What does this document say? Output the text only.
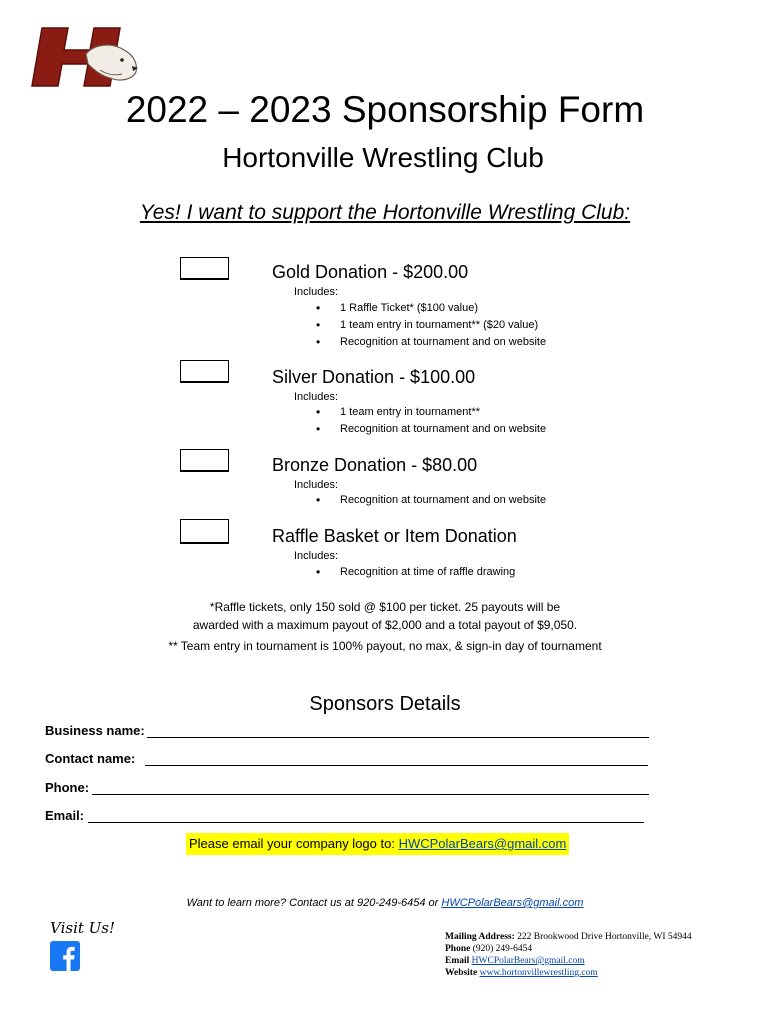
2022 – 2023 Sponsorship Form
Hortonville Wrestling Club
Yes! I want to support the Hortonville Wrestling Club:
Gold Donation - $200.00
Includes:
• 1 Raffle Ticket* ($100 value)
• 1 team entry in tournament** ($20 value)
• Recognition at tournament and on website
Silver Donation - $100.00
Includes:
• 1 team entry in tournament**
• Recognition at tournament and on website
Bronze Donation - $80.00
Includes:
• Recognition at tournament and on website
Raffle Basket or Item Donation
Includes:
• Recognition at time of raffle drawing
*Raffle tickets, only 150 sold @ $100 per ticket. 25 payouts will be
awarded with a maximum payout of $2,000 and a total payout of $9,050.
** Team entry in tournament is 100% payout, no max, & sign-in day of tournament
Sponsors Details
Business name:
Contact name:
Phone:
Email:
Please email your company logo to: HWCPolarBears@gmail.com
Want to learn more? Contact us at 920-249-6454 or HWCPolarBears@gmail.com
Visit Us!	Mailing Address: 222 Brookwood Drive Hortonville, WI 54944
Phone (920) 249-6454
Email HWCPolarBears@gmail.com
Website www.hortonvillewrestling.com
